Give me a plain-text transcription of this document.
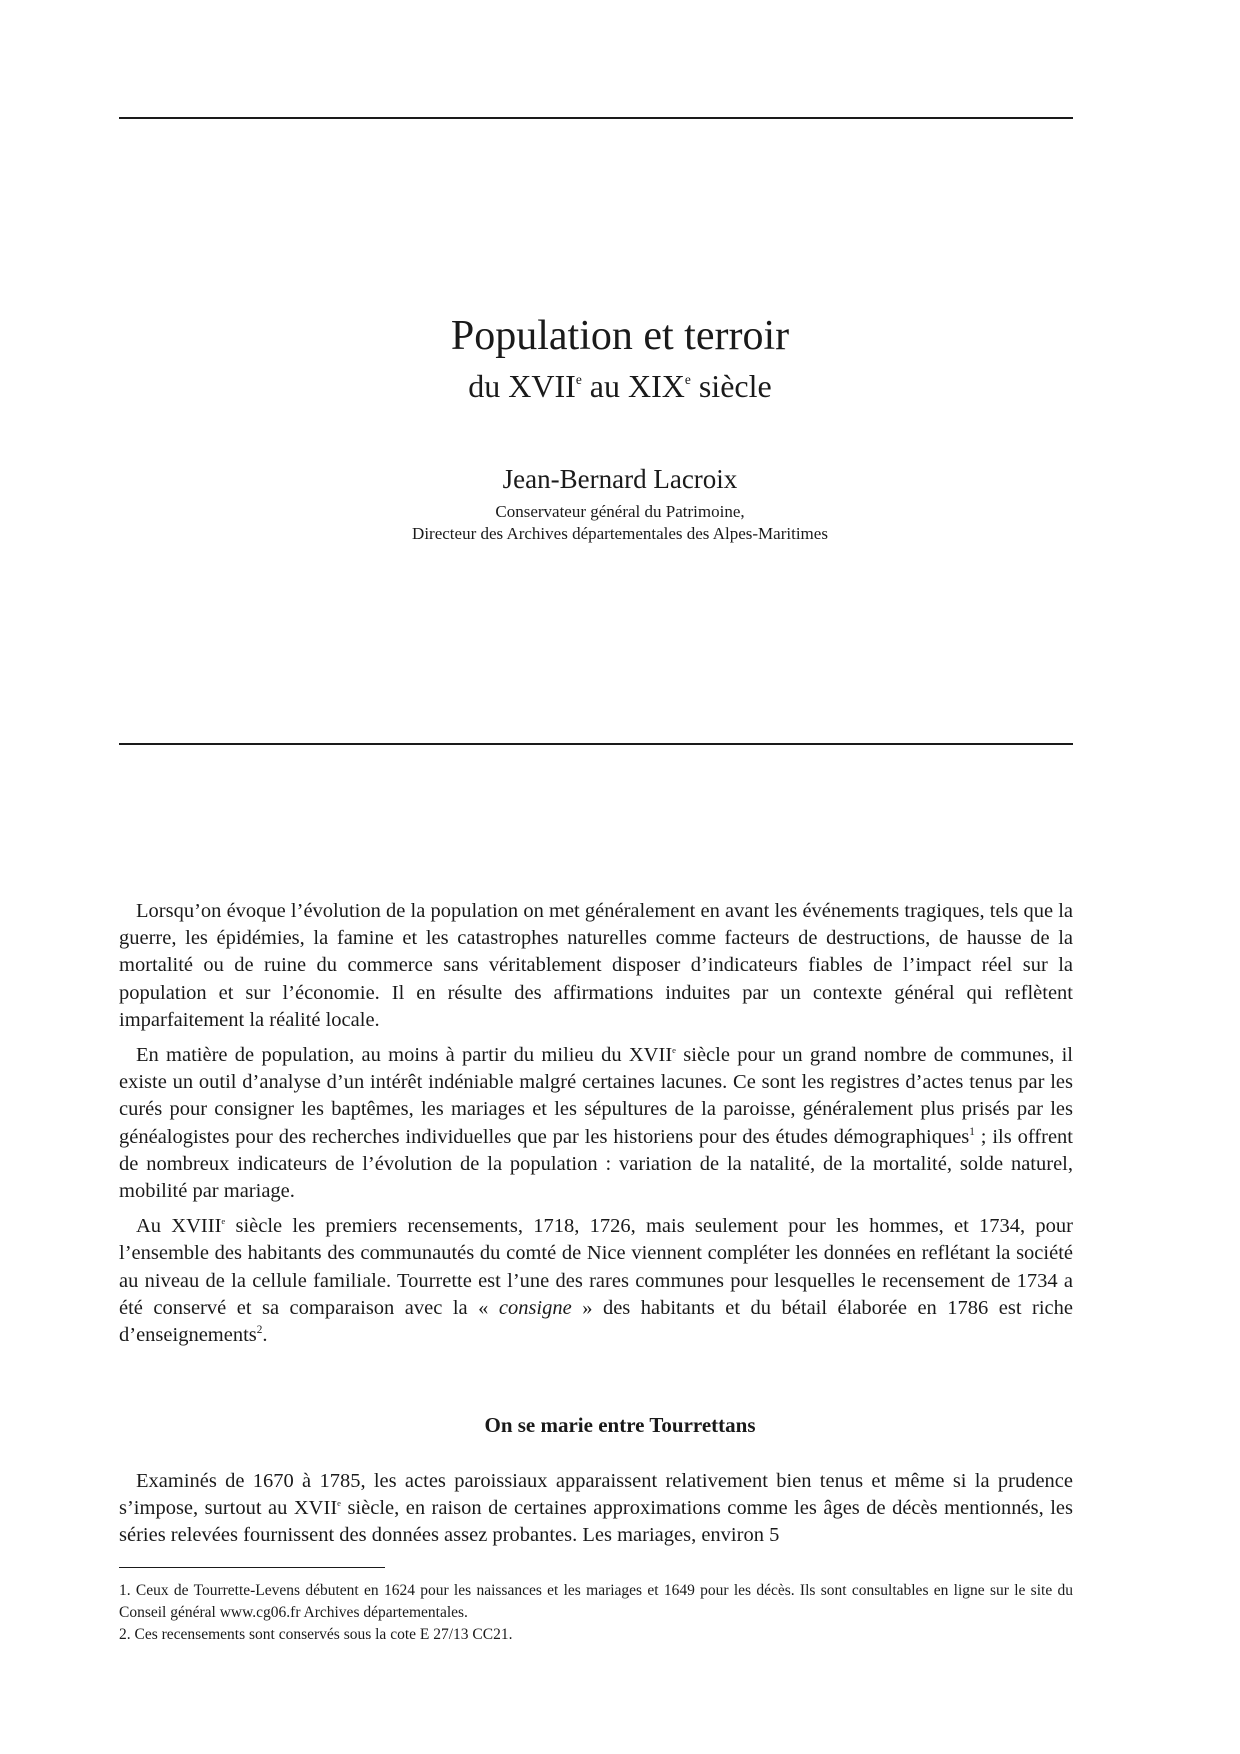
Population et terroir
du XVIIe au XIXe siècle
Jean-Bernard Lacroix
Conservateur général du Patrimoine,
Directeur des Archives départementales des Alpes-Maritimes

Lorsqu’on évoque l’évolution de la population on met généralement en avant les événements tragiques, tels que la guerre, les épidémies, la famine et les catastrophes naturelles comme facteurs de destructions, de hausse de la mortalité ou de ruine du commerce sans véritablement disposer d’indicateurs fiables de l’impact réel sur la population et sur l’économie. Il en résulte des affirmations induites par un contexte général qui reflètent imparfaitement la réalité locale.

En matière de population, au moins à partir du milieu du XVIIe siècle pour un grand nombre de communes, il existe un outil d’analyse d’un intérêt indéniable malgré certaines lacunes. Ce sont les registres d’actes tenus par les curés pour consigner les baptêmes, les mariages et les sépultures de la paroisse, généralement plus prisés par les généalogistes pour des recherches individuelles que par les historiens pour des études démographiques$^1$ ; ils offrent de nombreux indicateurs de l’évolution de la population : variation de la natalité, de la mortalité, solde naturel, mobilité par mariage.

Au XVIIIe siècle les premiers recensements, 1718, 1726, mais seulement pour les hommes, et 1734, pour l’ensemble des habitants des communautés du comté de Nice viennent compléter les données en reflétant la société au niveau de la cellule familiale. Tourrette est l’une des rares communes pour lesquelles le recensement de 1734 a été conservé et sa comparaison avec la « consigne » des habitants et du bétail élaborée en 1786 est riche d’enseignements$^2$.

On se marie entre Tourrettans

Examinés de 1670 à 1785, les actes paroissiaux apparaissent relativement bien tenus et même si la prudence s’impose, surtout au XVIIe siècle, en raison de certaines approximations comme les âges de décès mentionnés, les séries relevées fournissent des données assez probantes. Les mariages, environ 5

1. Ceux de Tourrette-Levens débutent en 1624 pour les naissances et les mariages et 1649 pour les décès. Ils sont consultables en ligne sur le site du Conseil général www.cg06.fr Archives départementales.

2. Ces recensements sont conservés sous la cote E 27/13 CC21.
